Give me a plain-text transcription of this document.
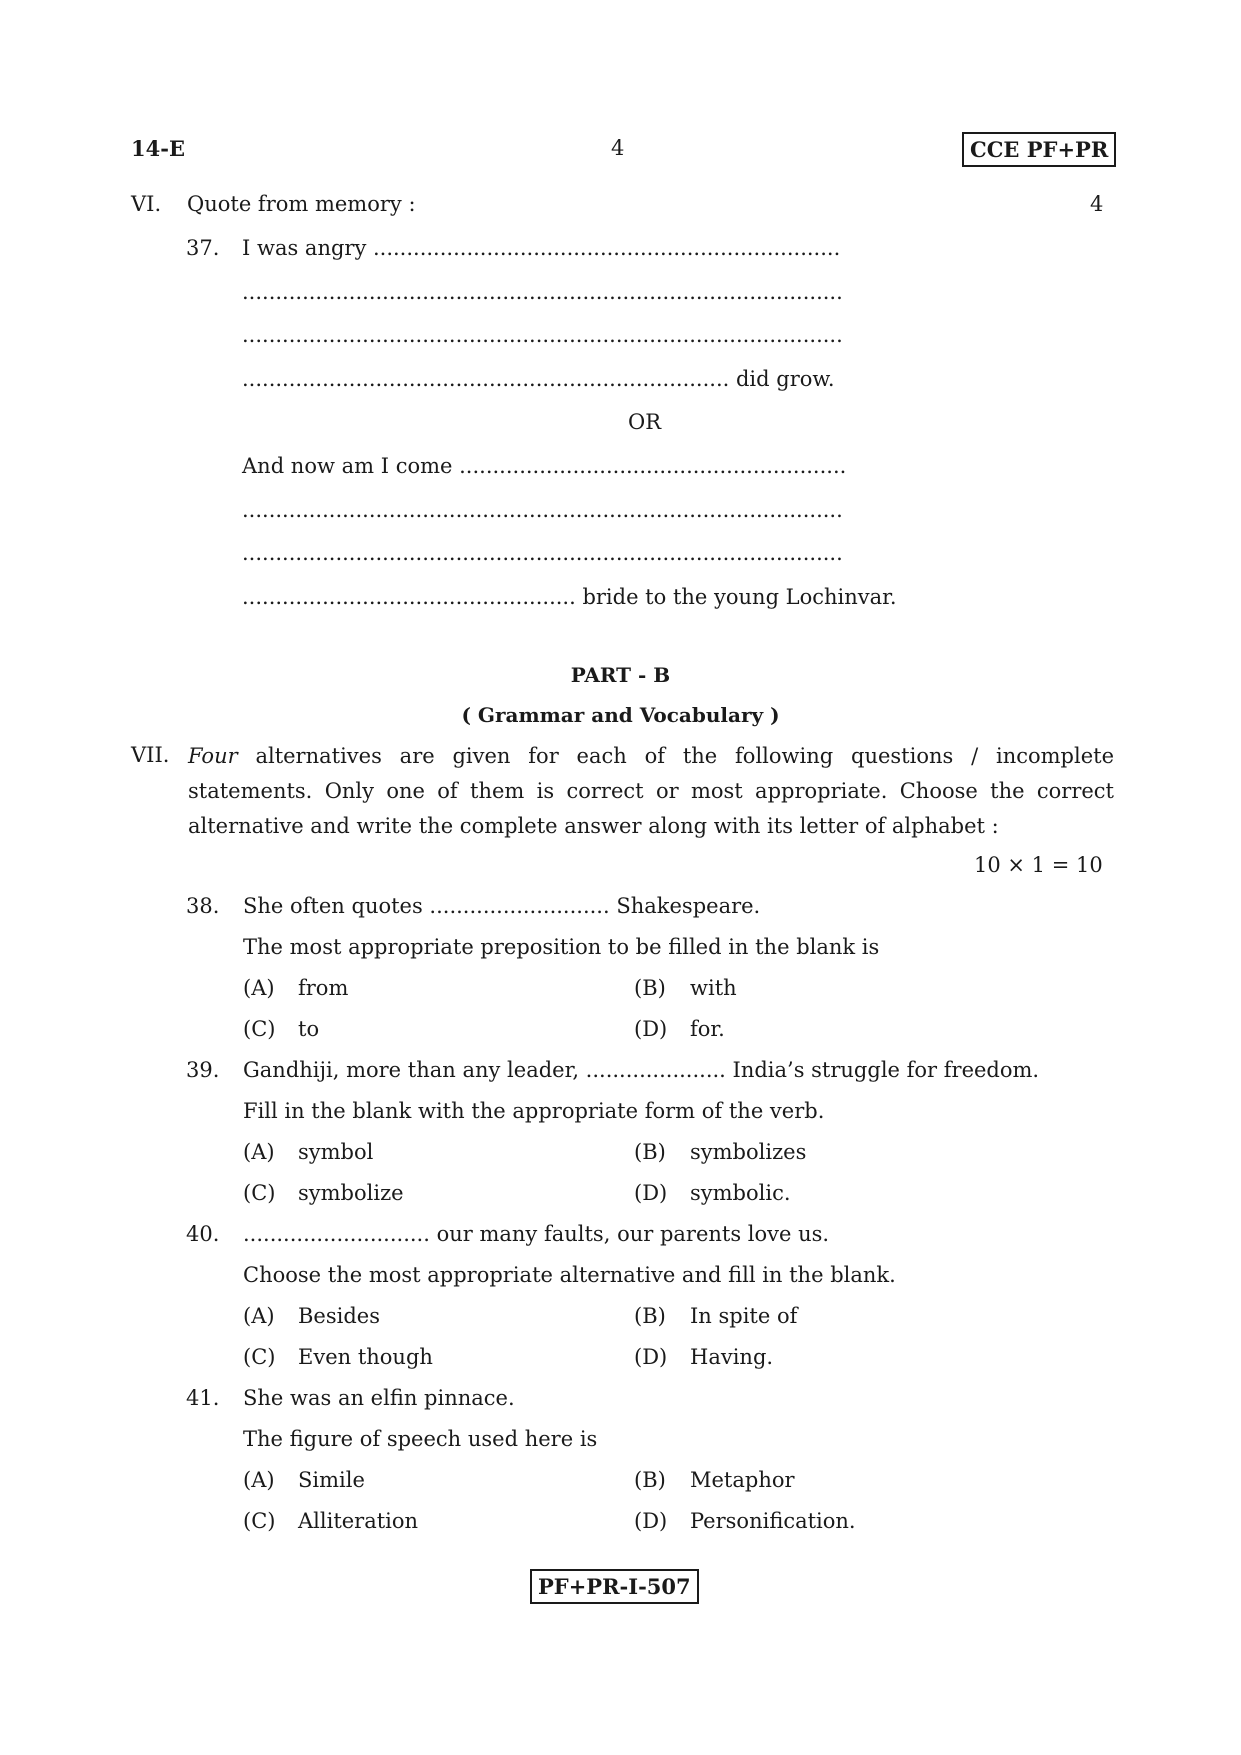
14-E	4	CCE PF+PR
VI. Quote from memory :	4
37. I was angry ......................................................................
..........................................................................................
..........................................................................................
......................................................................... did grow.
OR
And now am I come ..........................................................
..........................................................................................
..........................................................................................
.................................................. bride to the young Lochinvar.
PART - B
( Grammar and Vocabulary )
VII. Four alternatives are given for each of the following questions / incomplete statements. Only one of them is correct or most appropriate. Choose the correct alternative and write the complete answer along with its letter of alphabet :
10 × 1 = 10
38. She often quotes ........................... Shakespeare.
The most appropriate preposition to be filled in the blank is
(A) from	(B) with
(C) to	(D) for.
39. Gandhiji, more than any leader, ..................... India’s struggle for freedom.
Fill in the blank with the appropriate form of the verb.
(A) symbol	(B) symbolizes
(C) symbolize	(D) symbolic.
40. ............................ our many faults, our parents love us.
Choose the most appropriate alternative and fill in the blank.
(A) Besides	(B) In spite of
(C) Even though	(D) Having.
41. She was an elfin pinnace.
The figure of speech used here is
(A) Simile	(B) Metaphor
(C) Alliteration	(D) Personification.
PF+PR-I-507
